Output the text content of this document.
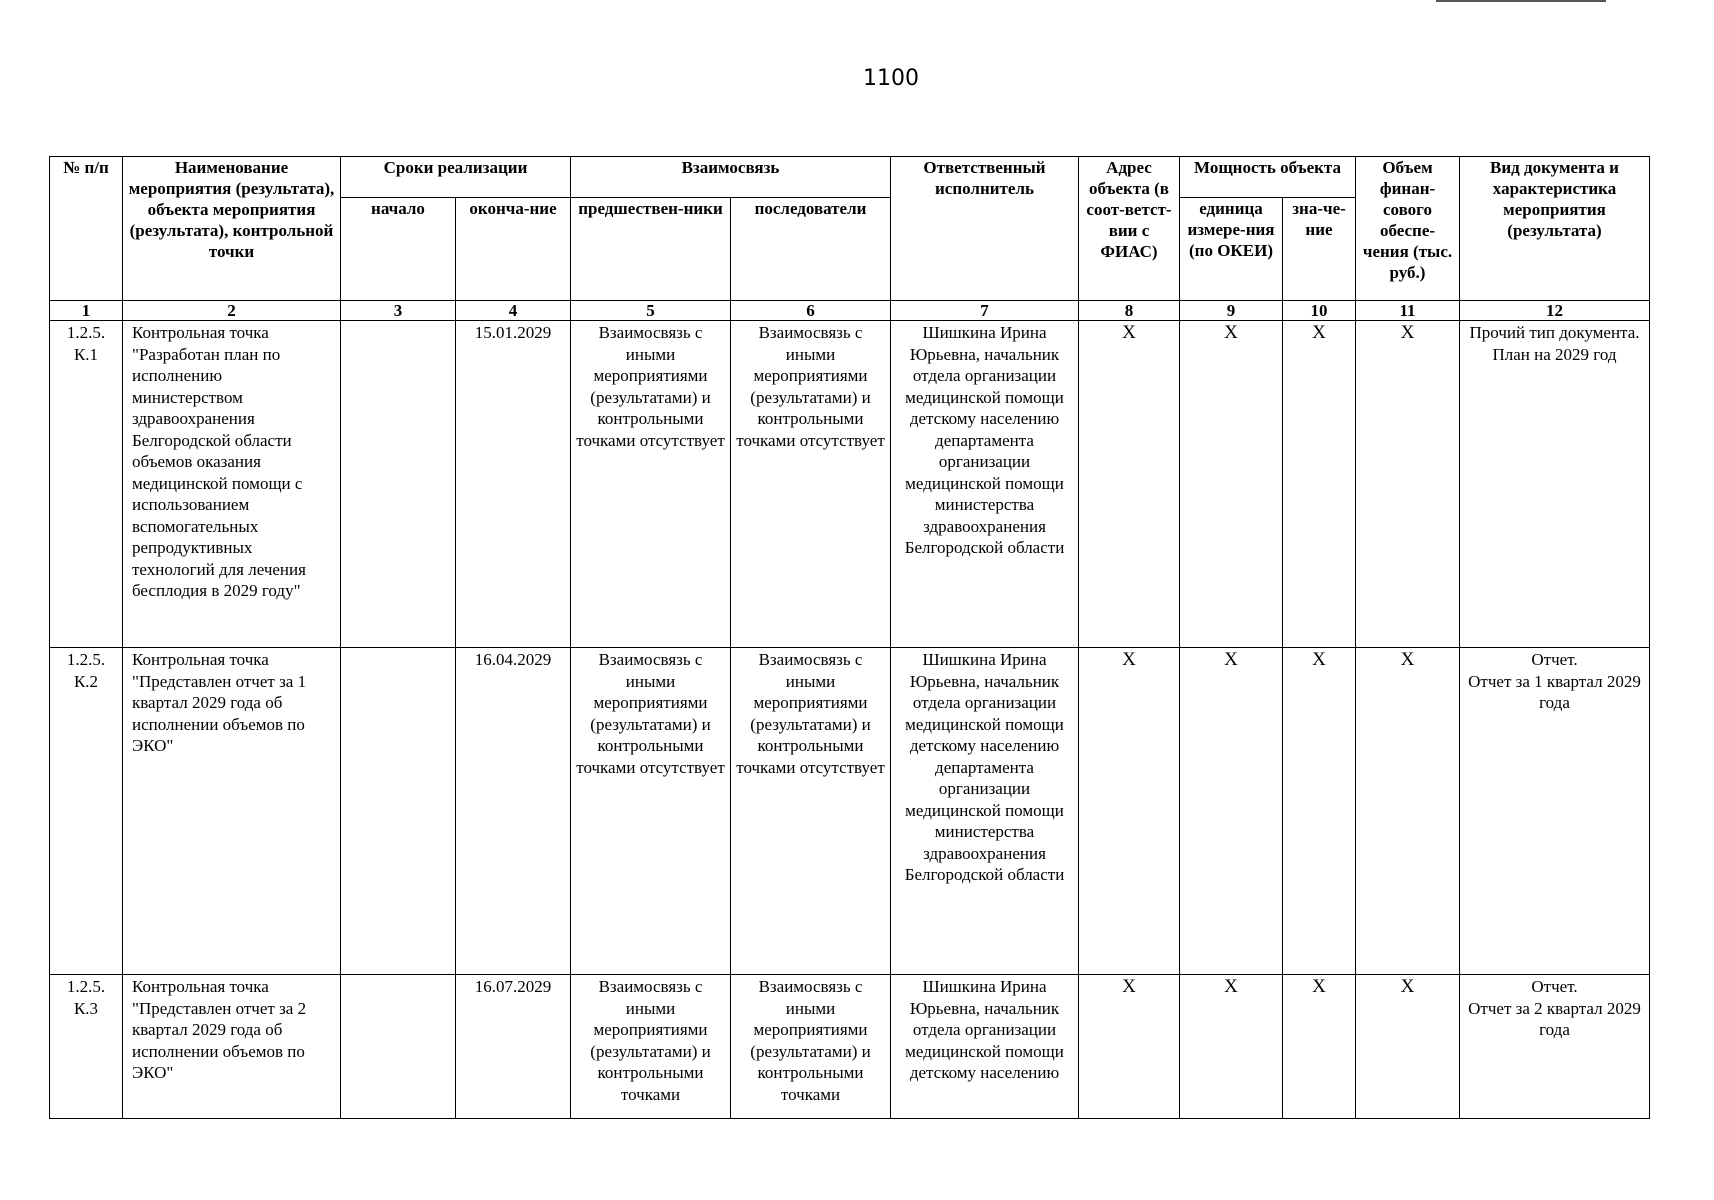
1100
№ п/п	Наименование мероприятия (результата), объекта мероприятия (результата), контрольной точки	Сроки реализации		Взаимосвязь		Ответственный исполнитель	Адрес объекта (в соот-ветст-вии с ФИАС)	Мощность объекта		Объем финан-сового обеспе-чения (тыс. руб.)	Вид документа и характеристика мероприятия (результата)
		начало	оконча-ние	предшествен-ники	последователи			единица измере-ния (по ОКЕИ)	зна-че-ние		
1	2	3	4	5	6	7	8	9	10	11	12
1.2.5. К.1	Контрольная точка "Разработан план по исполнению министерством здравоохранения Белгородской области объемов оказания медицинской помощи с использованием вспомогательных репродуктивных технологий для лечения бесплодия в 2029 году"		15.01.2029	Взаимосвязь с иными мероприятиями (результатами) и контрольными точками отсутствует	Взаимосвязь с иными мероприятиями (результатами) и контрольными точками отсутствует	Шишкина Ирина Юрьевна, начальник отдела организации медицинской помощи детскому населению департамента организации медицинской помощи министерства здравоохранения Белгородской области	X	X	X	X	Прочий тип документа.
План на 2029 год

1.2.5. К.2	Контрольная точка "Представлен отчет за 1 квартал 2029 года об исполнении объемов по ЭКО"		16.04.2029	Взаимосвязь с иными мероприятиями (результатами) и контрольными точками отсутствует	Взаимосвязь с иными мероприятиями (результатами) и контрольными точками отсутствует	Шишкина Ирина Юрьевна, начальник отдела организации медицинской помощи детскому населению департамента организации медицинской помощи министерства здравоохранения Белгородской области	X	X	X	X	Отчет.
Отчет за 1 квартал 2029 года

1.2.5. К.3	Контрольная точка "Представлен отчет за 2 квартал 2029 года об исполнении объемов по ЭКО"		16.07.2029	Взаимосвязь с иными мероприятиями (результатами) и контрольными точками	Взаимосвязь с иными мероприятиями (результатами) и контрольными точками	Шишкина Ирина Юрьевна, начальник отдела организации медицинской помощи детскому населению	X	X	X	X	Отчет.
Отчет за 2 квартал 2029 года
